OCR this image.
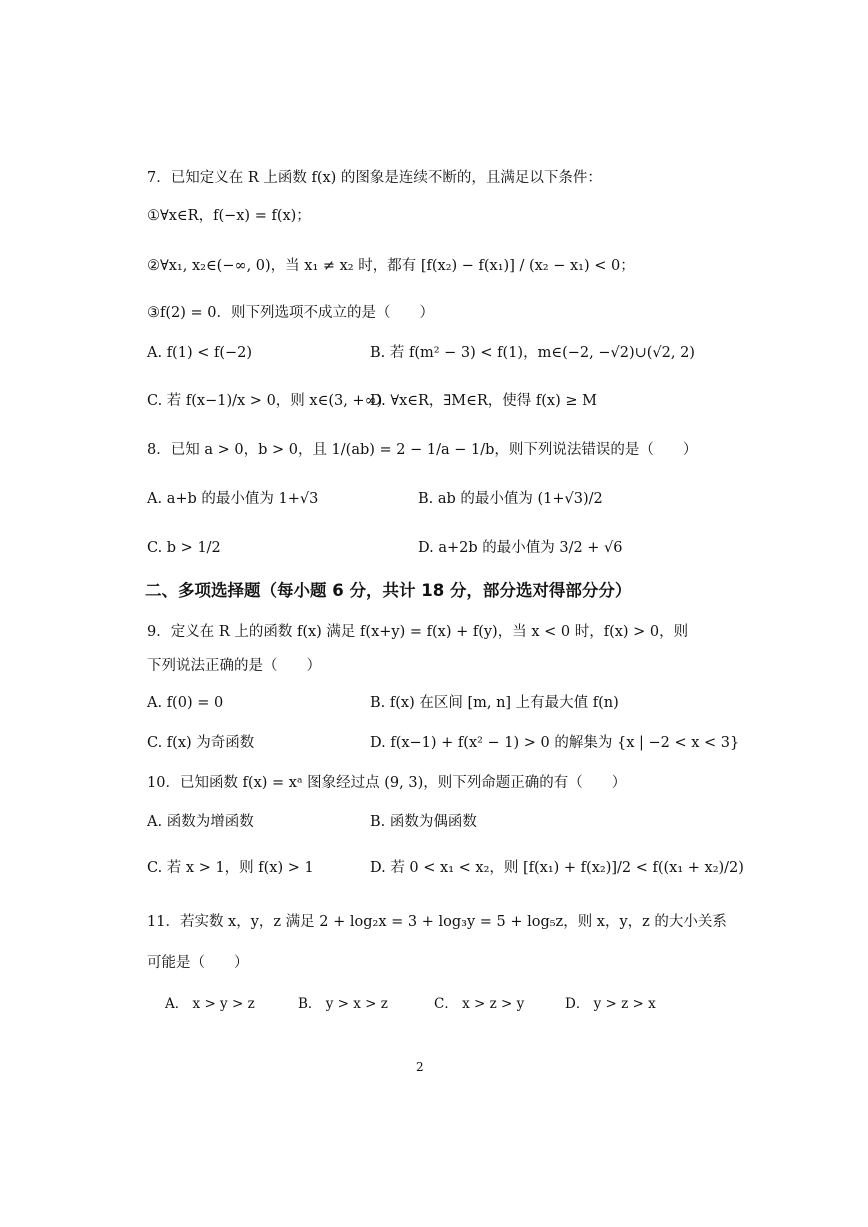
7．已知定义在 R 上函数 f(x) 的图象是连续不断的，且满足以下条件：
①∀x∈R，f(−x) = f(x)；
②∀x₁, x₂∈(−∞, 0)，当 x₁ ≠ x₂ 时，都有 [f(x₂) − f(x₁)] / (x₂ − x₁) < 0；
③f(2) = 0．则下列选项不成立的是（　　）
A. f(1) < f(−2)	B. 若 f(m² − 3) < f(1)，m∈(−2, −√2)∪(√2, 2)
C. 若 f(x−1)/x > 0，则 x∈(3, +∞)
D. ∀x∈R，∃M∈R，使得 f(x) ≥ M
8．已知 a > 0，b > 0，且 1/(ab) = 2 − 1/a − 1/b，则下列说法错误的是（　　）
A. a+b 的最小值为 1+√3	B. ab 的最小值为 (1+√3)/2
C. b > 1/2	D. a+2b 的最小值为 3/2 + √6
二、多项选择题（每小题 6 分，共计 18 分，部分选对得部分分）
9．定义在 R 上的函数 f(x) 满足 f(x+y) = f(x) + f(y)，当 x < 0 时，f(x) > 0，则
下列说法正确的是（　　）
A. f(0) = 0	B. f(x) 在区间 [m, n] 上有最大值 f(n)
C. f(x) 为奇函数	D. f(x−1) + f(x² − 1) > 0 的解集为 {x | −2 < x < 3}
10．已知函数 f(x) = xᵃ 图象经过点 (9, 3)，则下列命题正确的有（　　）
A. 函数为增函数	B. 函数为偶函数
C. 若 x > 1，则 f(x) > 1	D. 若 0 < x₁ < x₂，则 [f(x₁) + f(x₂)]/2 < f((x₁ + x₂)/2)
11．若实数 x，y，z 满足 2 + log₂x = 3 + log₃y = 5 + log₅z，则 x，y，z 的大小关系
可能是（　　）
A． x > y > z	B． y > x > z	C． x > z > y	D． y > z > x
2
